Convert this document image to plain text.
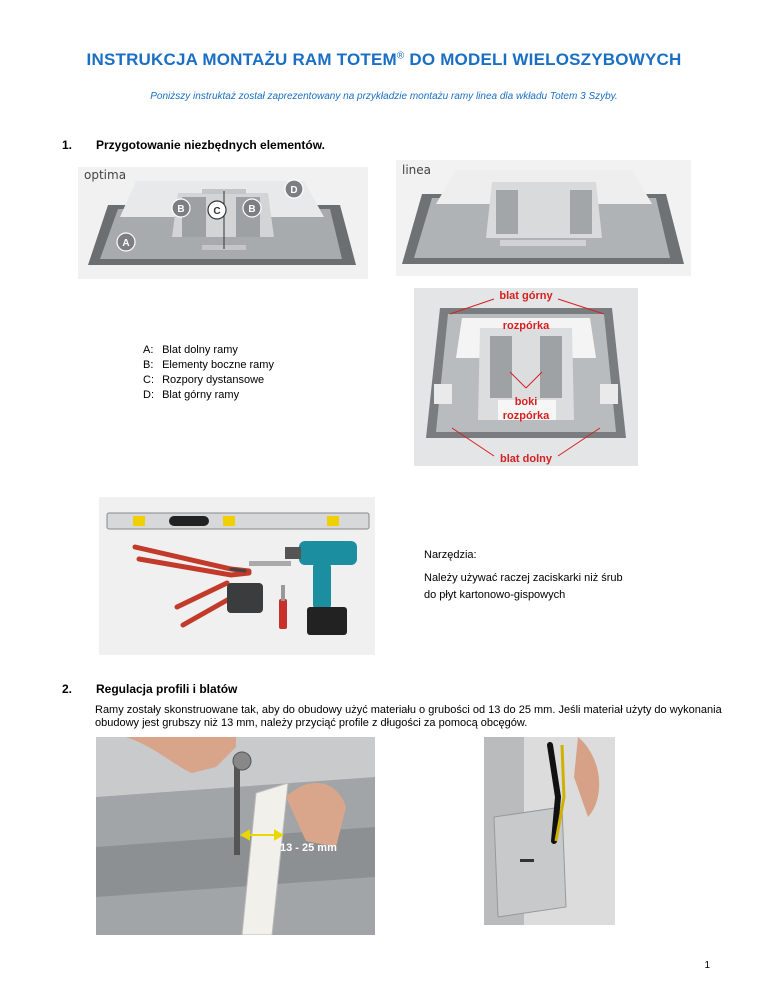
INSTRUKCJA MONTAŻU RAM TOTEM® DO MODELI WIELOSZYBOWYCH
Poniższy instruktaż został zaprezentowany na przykładzie montażu ramy linea dla wkładu Totem 3 Szyby.
1. Przygotowanie niezbędnych elementów.
optima
A
B	C	B
D
linea
A: Blat dolny ramy
B: Elementy boczne ramy
C: Rozpory dystansowe
D: Blat górny ramy
blat górny
rozpórka
boki
rozpórka
blat dolny

Narzędzia:

Należy używać raczej zaciskarki niż śrub do płyt kartonowo-gispowych

2. Regulacja profili i blatów
Ramy zostały skonstruowane tak, aby do obudowy użyć materiału o grubości od 13 do 25 mm. Jeśli materiał użyty do wykonania obudowy jest grubszy niż 13 mm, należy przyciąć profile z długości za pomocą obcęgów.
13 - 25 mm
1
